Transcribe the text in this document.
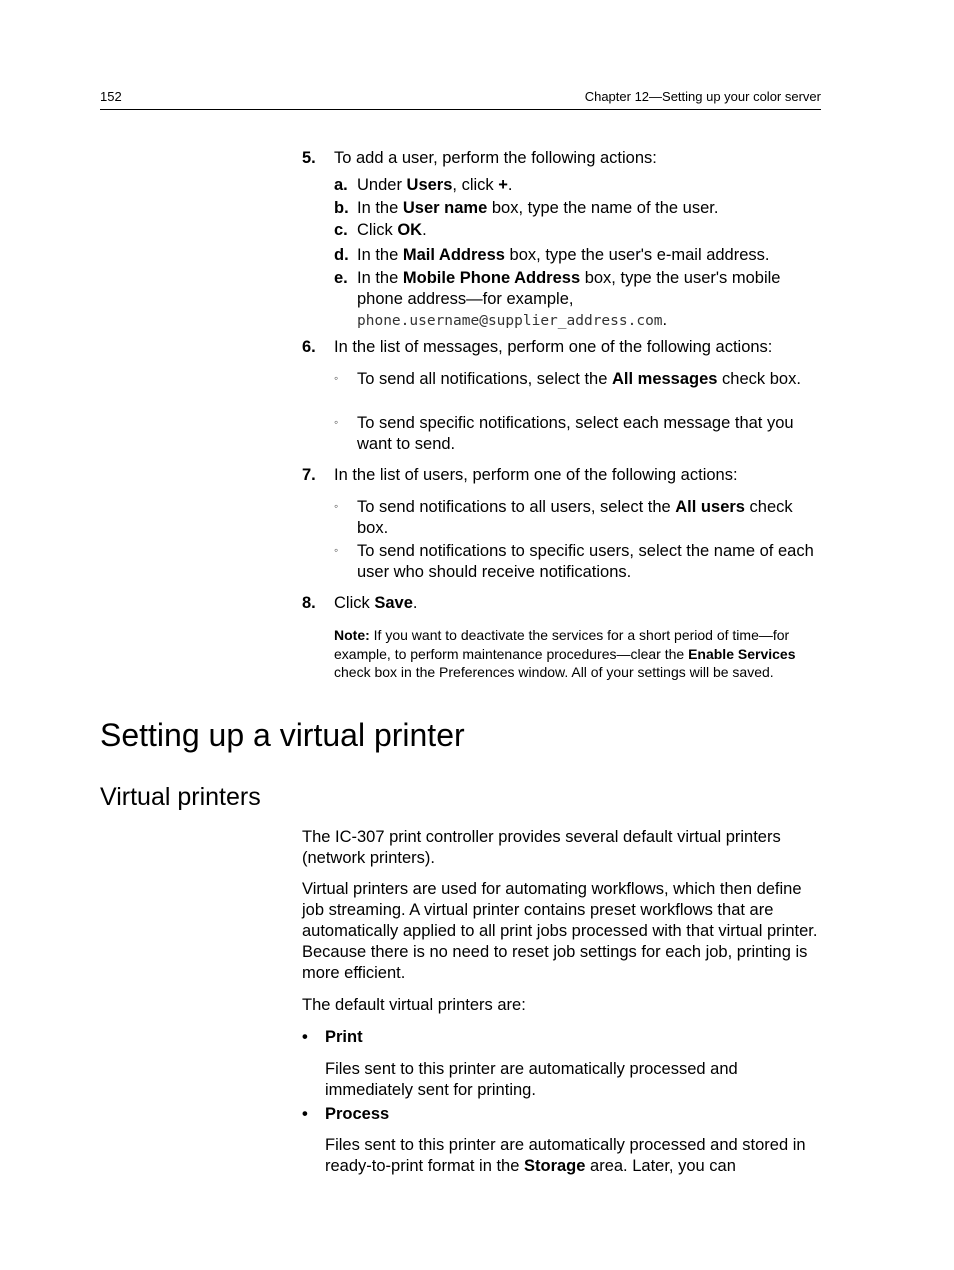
152	Chapter 12—Setting up your color server
5. To add a user, perform the following actions:
a. Under Users, click +.
b. In the User name box, type the name of the user.
c. Click OK.
d. In the Mail Address box, type the user's e-mail address.
e. In the Mobile Phone Address box, type the user's mobile phone address—for example,
phone.username@supplier_address.com.
6. In the list of messages, perform one of the following actions:
◦ To send all notifications, select the All messages check box.
◦ To send specific notifications, select each message that you want to send.
7. In the list of users, perform one of the following actions:
◦ To send notifications to all users, select the All users check box.
◦ To send notifications to specific users, select the name of each user who should receive notifications.
8. Click Save.
Note: If you want to deactivate the services for a short period of time—for example, to perform maintenance procedures—clear the Enable Services check box in the Preferences window. All of your settings will be saved.
Setting up a virtual printer
Virtual printers
The IC-307 print controller provides several default virtual printers (network printers).
Virtual printers are used for automating workflows, which then define job streaming. A virtual printer contains preset workflows that are automatically applied to all print jobs processed with that virtual printer. Because there is no need to reset job settings for each job, printing is more efficient.
The default virtual printers are:
• Print
Files sent to this printer are automatically processed and immediately sent for printing.
• Process
Files sent to this printer are automatically processed and stored in ready-to-print format in the Storage area. Later, you can
